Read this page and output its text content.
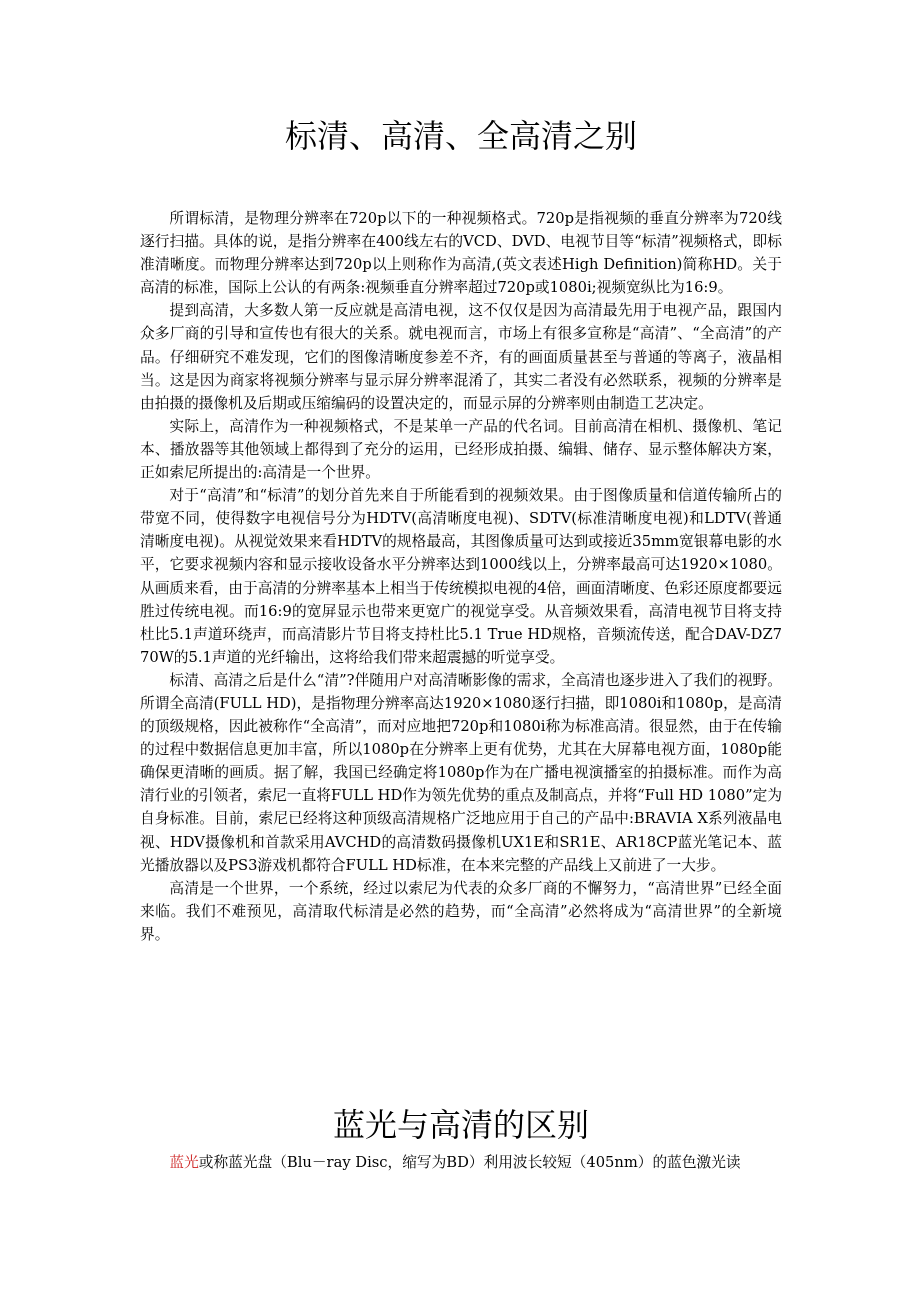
标清、高清、全高清之别

所谓标清，是物理分辨率在720p以下的一种视频格式。720p是指视频的垂直分辨率为720线逐行扫描。具体的说，是指分辨率在400线左右的VCD、DVD、电视节目等“标清”视频格式，即标准清晰度。而物理分辨率达到720p以上则称作为高清,(英文表述High Definition)简称HD。关于高清的标准，国际上公认的有两条:视频垂直分辨率超过720p或1080i;视频宽纵比为16:9。

提到高清，大多数人第一反应就是高清电视，这不仅仅是因为高清最先用于电视产品，跟国内众多厂商的引导和宣传也有很大的关系。就电视而言，市场上有很多宣称是“高清”、“全高清”的产品。仔细研究不难发现，它们的图像清晰度参差不齐，有的画面质量甚至与普通的等离子，液晶相当。这是因为商家将视频分辨率与显示屏分辨率混淆了，其实二者没有必然联系，视频的分辨率是由拍摄的摄像机及后期或压缩编码的设置决定的，而显示屏的分辨率则由制造工艺决定。

实际上，高清作为一种视频格式，不是某单一产品的代名词。目前高清在相机、摄像机、笔记本、播放器等其他领域上都得到了充分的运用，已经形成拍摄、编辑、储存、显示整体解决方案，正如索尼所提出的:高清是一个世界。

对于“高清”和“标清”的划分首先来自于所能看到的视频效果。由于图像质量和信道传输所占的带宽不同，使得数字电视信号分为HDTV(高清晰度电视)、SDTV(标准清晰度电视)和LDTV(普通清晰度电视)。从视觉效果来看HDTV的规格最高，其图像质量可达到或接近35mm宽银幕电影的水平，它要求视频内容和显示接收设备水平分辨率达到1000线以上，分辨率最高可达1920×1080。从画质来看，由于高清的分辨率基本上相当于传统模拟电视的4倍，画面清晰度、色彩还原度都要远胜过传统电视。而16:9的宽屏显示也带来更宽广的视觉享受。从音频效果看，高清电视节目将支持杜比5.1声道环绕声，而高清影片节目将支持杜比5.1 True HD规格，音频流传送，配合DAV-DZ770W的5.1声道的光纤输出，这将给我们带来超震撼的听觉享受。

标清、高清之后是什么“清”?伴随用户对高清晰影像的需求，全高清也逐步进入了我们的视野。所谓全高清(FULL HD)，是指物理分辨率高达1920×1080逐行扫描，即1080i和1080p，是高清的顶级规格，因此被称作“全高清”，而对应地把720p和1080i称为标准高清。很显然，由于在传输的过程中数据信息更加丰富，所以1080p在分辨率上更有优势，尤其在大屏幕电视方面，1080p能确保更清晰的画质。据了解，我国已经确定将1080p作为在广播电视演播室的拍摄标准。而作为高清行业的引领者，索尼一直将FULL HD作为领先优势的重点及制高点，并将“Full HD 1080”定为自身标准。目前，索尼已经将这种顶级高清规格广泛地应用于自己的产品中:BRAVIA X系列液晶电视、HDV摄像机和首款采用AVCHD的高清数码摄像机UX1E和SR1E、AR18CP蓝光笔记本、蓝光播放器以及PS3游戏机都符合FULL HD标准，在本来完整的产品线上又前进了一大步。

高清是一个世界，一个系统，经过以索尼为代表的众多厂商的不懈努力，“高清世界”已经全面来临。我们不难预见，高清取代标清是必然的趋势，而“全高清”必然将成为“高清世界”的全新境界。

蓝光与高清的区别

蓝光或称蓝光盘（Blu－ray Disc，缩写为BD）利用波长较短（405nm）的蓝色激光读
